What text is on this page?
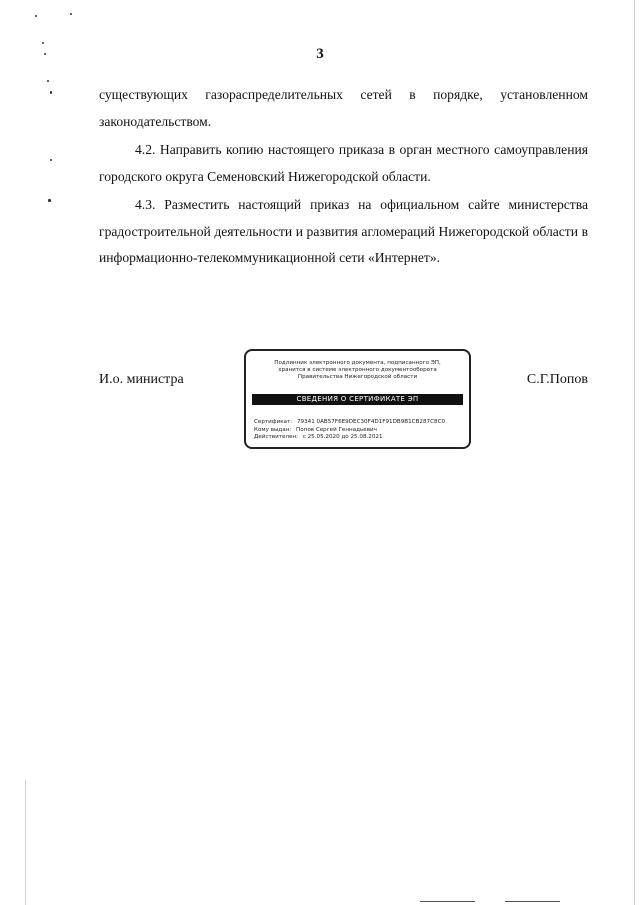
3

существующих газораспределительных сетей в порядке, установленном законодательством.

4.2. Направить копию настоящего приказа в орган местного самоуправления городского округа Семеновский Нижегородской области.

4.3. Разместить настоящий приказ на официальном сайте министерства градостроительной деятельности и развития агломераций Нижегородской области в информационно-телекоммуникационной сети «Интернет».

И.о. министра	С.Г.Попов
Подлинник электронного документа, подписанного ЭП,
хранится в системе электронного документооборота
Правительства Нижегородской области
СВЕДЕНИЯ О СЕРТИФИКАТЕ ЭП
Сертификат: 79341 0AB57F6E9DEC30F4D1F91DB9B1CB287C8C0
Кому выдан: Попов Сергей Геннадьевич
Действителен: с 25.05.2020 до 25.08.2021
